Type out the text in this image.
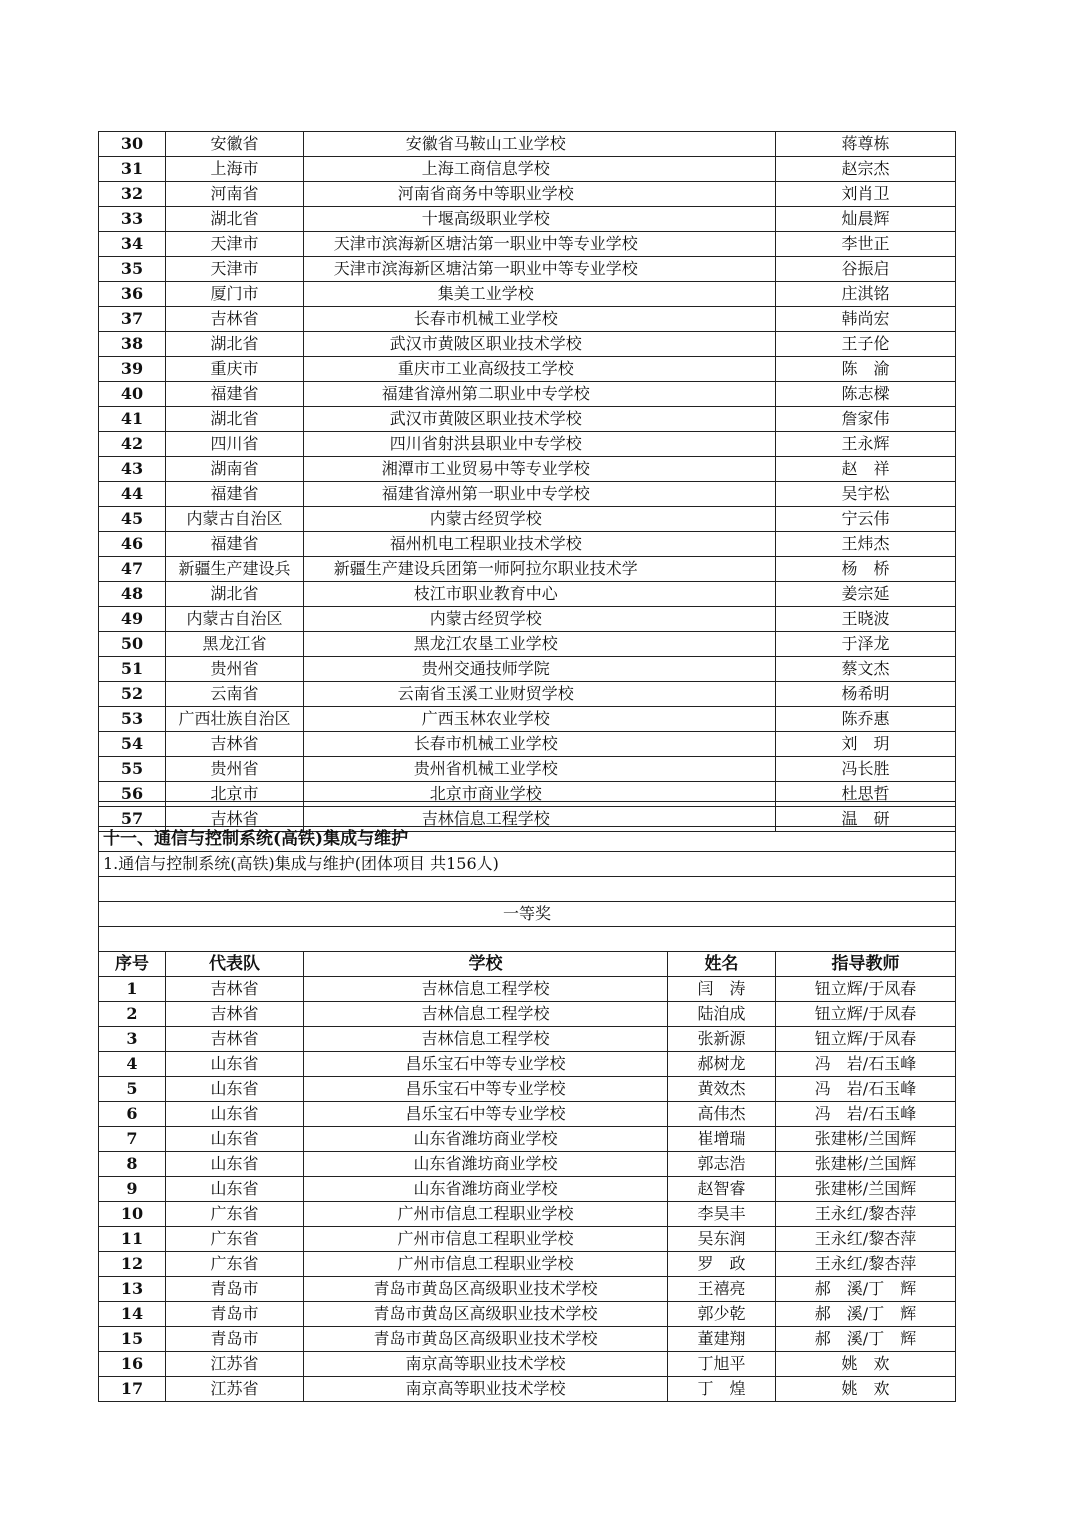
30	安徽省	安徽省马鞍山工业学校		蒋尊栋
31	上海市	上海工商信息学校		赵宗杰
32	河南省	河南省商务中等职业学校		刘肖卫
33	湖北省	十堰高级职业学校		灿晨辉
34	天津市	天津市滨海新区塘沽第一职业中等专业学校		李世正
35	天津市	天津市滨海新区塘沽第一职业中等专业学校		谷振启
36	厦门市	集美工业学校		庄淇铭
37	吉林省	长春市机械工业学校		韩尚宏
38	湖北省	武汉市黄陂区职业技术学校		王子伦
39	重庆市	重庆市工业高级技工学校		陈　渝
40	福建省	福建省漳州第二职业中专学校		陈志樑
41	湖北省	武汉市黄陂区职业技术学校		詹家伟
42	四川省	四川省射洪县职业中专学校		王永辉
43	湖南省	湘潭市工业贸易中等专业学校		赵　祥
44	福建省	福建省漳州第一职业中专学校		吴宇松
45	内蒙古自治区	内蒙古经贸学校		宁云伟
46	福建省	福州机电工程职业技术学校		王炜杰
47	新疆生产建设兵	新疆生产建设兵团第一师阿拉尔职业技术学		杨　桥
48	湖北省	枝江市职业教育中心		姜宗延
49	内蒙古自治区	内蒙古经贸学校		王晓波
50	黑龙江省	黑龙江农垦工业学校		于泽龙
51	贵州省	贵州交通技师学院		蔡文杰
52	云南省	云南省玉溪工业财贸学校		杨希明
53	广西壮族自治区	广西玉林农业学校		陈乔惠
54	吉林省	长春市机械工业学校		刘　玥
55	贵州省	贵州省机械工业学校		冯长胜
56	北京市	北京市商业学校		杜思哲
57	吉林省	吉林信息工程学校		温　研

十一、通信与控制系统(高铁)集成与维护				
1.通信与控制系统(高铁)集成与维护(团体项目 共156人)				

一等奖				

序号	代表队	学校	姓名	指导教师
1	吉林省	吉林信息工程学校	闫　涛	钮立辉/于凤春
2	吉林省	吉林信息工程学校	陆洎成	钮立辉/于凤春
3	吉林省	吉林信息工程学校	张新源	钮立辉/于凤春
4	山东省	昌乐宝石中等专业学校	郝树龙	冯　岩/石玉峰
5	山东省	昌乐宝石中等专业学校	黄效杰	冯　岩/石玉峰
6	山东省	昌乐宝石中等专业学校	高伟杰	冯　岩/石玉峰
7	山东省	山东省潍坊商业学校	崔增瑞	张建彬/兰国辉
8	山东省	山东省潍坊商业学校	郭志浩	张建彬/兰国辉
9	山东省	山东省潍坊商业学校	赵智睿	张建彬/兰国辉
10	广东省	广州市信息工程职业学校	李昊丰	王永红/黎杏萍
11	广东省	广州市信息工程职业学校	吴东润	王永红/黎杏萍
12	广东省	广州市信息工程职业学校	罗　政	王永红/黎杏萍
13	青岛市	青岛市黄岛区高级职业技术学校	王禧亮	郝　溪/丁　辉
14	青岛市	青岛市黄岛区高级职业技术学校	郭少乾	郝　溪/丁　辉
15	青岛市	青岛市黄岛区高级职业技术学校	董建翔	郝　溪/丁　辉
16	江苏省	南京高等职业技术学校	丁旭平	姚　欢
17	江苏省	南京高等职业技术学校	丁　煌	姚　欢
